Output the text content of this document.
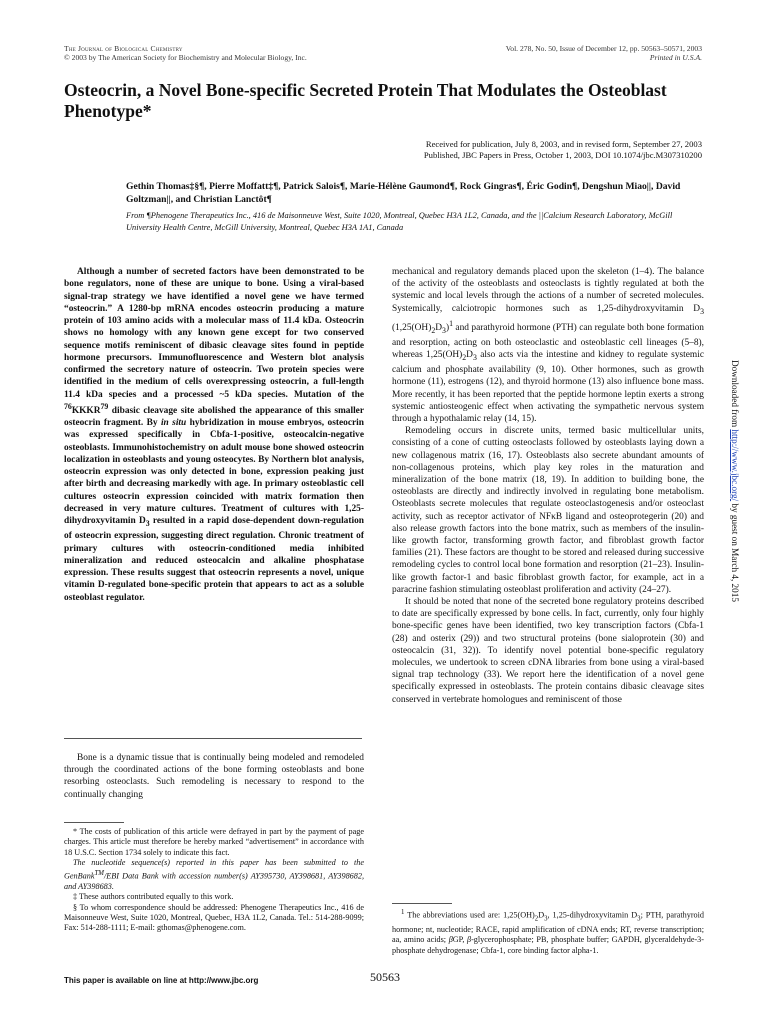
The Journal of Biological Chemistry
© 2003 by The American Society for Biochemistry and Molecular Biology, Inc.
Vol. 278, No. 50, Issue of December 12, pp. 50563–50571, 2003
Printed in U.S.A.
Osteocrin, a Novel Bone-specific Secreted Protein That Modulates the Osteoblast Phenotype*
Received for publication, July 8, 2003, and in revised form, September 27, 2003
Published, JBC Papers in Press, October 1, 2003, DOI 10.1074/jbc.M307310200
Gethin Thomas‡§¶, Pierre Moffatt‡¶, Patrick Salois¶, Marie-Hélène Gaumond¶, Rock Gingras¶, Éric Godin¶, Dengshun Miao||, David Goltzman||, and Christian Lanctôt¶
From ¶Phenogene Therapeutics Inc., 416 de Maisonneuve West, Suite 1020, Montreal, Quebec H3A 1L2, Canada, and the ||Calcium Research Laboratory, McGill University Health Centre, McGill University, Montreal, Quebec H3A 1A1, Canada
Although a number of secreted factors have been demonstrated to be bone regulators, none of these are unique to bone. Using a viral-based signal-trap strategy we have identified a novel gene we have termed “osteocrin.” A 1280-bp mRNA encodes osteocrin producing a mature protein of 103 amino acids with a molecular mass of 11.4 kDa. Osteocrin shows no homology with any known gene except for two conserved sequence motifs reminiscent of dibasic cleavage sites found in peptide hormone precursors. Immunofluorescence and Western blot analysis confirmed the secretory nature of osteocrin. Two protein species were identified in the medium of cells overexpressing osteocrin, a full-length 11.4 kDa species and a processed ~5 kDa species. Mutation of the $^{76}$KKKR$^{79}$ dibasic cleavage site abolished the appearance of this smaller osteocrin fragment. By in situ hybridization in mouse embryos, osteocrin was expressed specifically in Cbfa-1-positive, osteocalcin-negative osteoblasts. Immunohistochemistry on adult mouse bone showed osteocrin localization in osteoblasts and young osteocytes. By Northern blot analysis, osteocrin expression was only detected in bone, expression peaking just after birth and decreasing markedly with age. In primary osteoblastic cell cultures osteocrin expression coincided with matrix formation then decreased in very mature cultures. Treatment of cultures with 1,25-dihydroxyvitamin $D_3$ resulted in a rapid dose-dependent down-regulation of osteocrin expression, suggesting direct regulation. Chronic treatment of primary cultures with osteocrin-conditioned media inhibited mineralization and reduced osteocalcin and alkaline phosphatase expression. These results suggest that osteocrin represents a novel, unique vitamin D-regulated bone-specific protein that appears to act as a soluble osteoblast regulator.
Bone is a dynamic tissue that is continually being modeled and remodeled through the coordinated actions of the bone forming osteoblasts and bone resorbing osteoclasts. Such remodeling is necessary to respond to the continually changing

* The costs of publication of this article were defrayed in part by the payment of page charges. This article must therefore be hereby marked “advertisement” in accordance with 18 U.S.C. Section 1734 solely to indicate this fact.

The nucleotide sequence(s) reported in this paper has been submitted to the GenBank™/EBI Data Bank with accession number(s) AY395730, AY398681, AY398682, and AY398683.

‡ These authors contributed equally to this work.

§ To whom correspondence should be addressed: Phenogene Therapeutics Inc., 416 de Maisonneuve West, Suite 1020, Montreal, Quebec, H3A 1L2, Canada. Tel.: 514-288-9099; Fax: 514-288-1111; E-mail: gthomas@phenogene.com.

mechanical and regulatory demands placed upon the skeleton (1–4). The balance of the activity of the osteoblasts and osteoclasts is tightly regulated at both the systemic and local levels through the actions of a number of secreted molecules. Systemically, calciotropic hormones such as 1,25-dihydroxyvitamin $D_3$ $(1,25(OH)_2D_3)^1$ and parathyroid hormone (PTH) can regulate both bone formation and resorption, acting on both osteoclastic and osteoblastic cell lineages (5–8), whereas $1,25(OH)_2D_3$ also acts via the intestine and kidney to regulate systemic calcium and phosphate availability (9, 10). Other hormones, such as growth hormone (11), estrogens (12), and thyroid hormone (13) also influence bone mass. More recently, it has been reported that the peptide hormone leptin exerts a strong systemic antiosteogenic effect when activating the sympathetic nervous system through a hypothalamic relay (14, 15).

Remodeling occurs in discrete units, termed basic multicellular units, consisting of a cone of cutting osteoclasts followed by osteoblasts laying down a new collagenous matrix (16, 17). Osteoblasts also secrete abundant amounts of non-collagenous proteins, which play key roles in the maturation and mineralization of the bone matrix (18, 19). In addition to building bone, the osteoblasts are directly and indirectly involved in regulating bone metabolism. Osteoblasts secrete molecules that regulate osteoclastogenesis and/or osteoclast activity, such as receptor activator of NFκB ligand and osteoprotegerin (20) and also release growth factors into the bone matrix, such as members of the insulin-like growth factor, transforming growth factor, and fibroblast growth factor families (21). These factors are thought to be stored and released during successive remodeling cycles to control local bone formation and resorption (21–23). Insulin-like growth factor-1 and basic fibroblast growth factor, for example, act in a paracrine fashion stimulating osteoblast proliferation and activity (24–27).

It should be noted that none of the secreted bone regulatory proteins described to date are specifically expressed by bone cells. In fact, currently, only four highly bone-specific genes have been identified, two key transcription factors (Cbfa-1 (28) and osterix (29)) and two structural proteins (bone sialoprotein (30) and osteocalcin (31, 32)). To identify novel potential bone-specific regulatory molecules, we undertook to screen cDNA libraries from bone using a viral-based signal trap technology (33). We report here the identification of a novel gene specifically expressed in osteoblasts. The protein contains dibasic cleavage sites conserved in vertebrate homologues and reminiscent of those

$^1$ The abbreviations used are: $1,25(OH)_2D_3$, 1,25-dihydroxyvitamin $D_3$; PTH, parathyroid hormone; nt, nucleotide; RACE, rapid amplification of cDNA ends; RT, reverse transcription; aa, amino acids; βGP, β-glycerophosphate; PB, phosphate buffer; GAPDH, glyceraldehyde-3-phosphate dehydrogenase; Cbfa-1, core binding factor alpha-1.
This paper is available on line at http://www.jbc.org	50563
Downloaded from http://www.jbc.org/ by guest on March 4, 2015
